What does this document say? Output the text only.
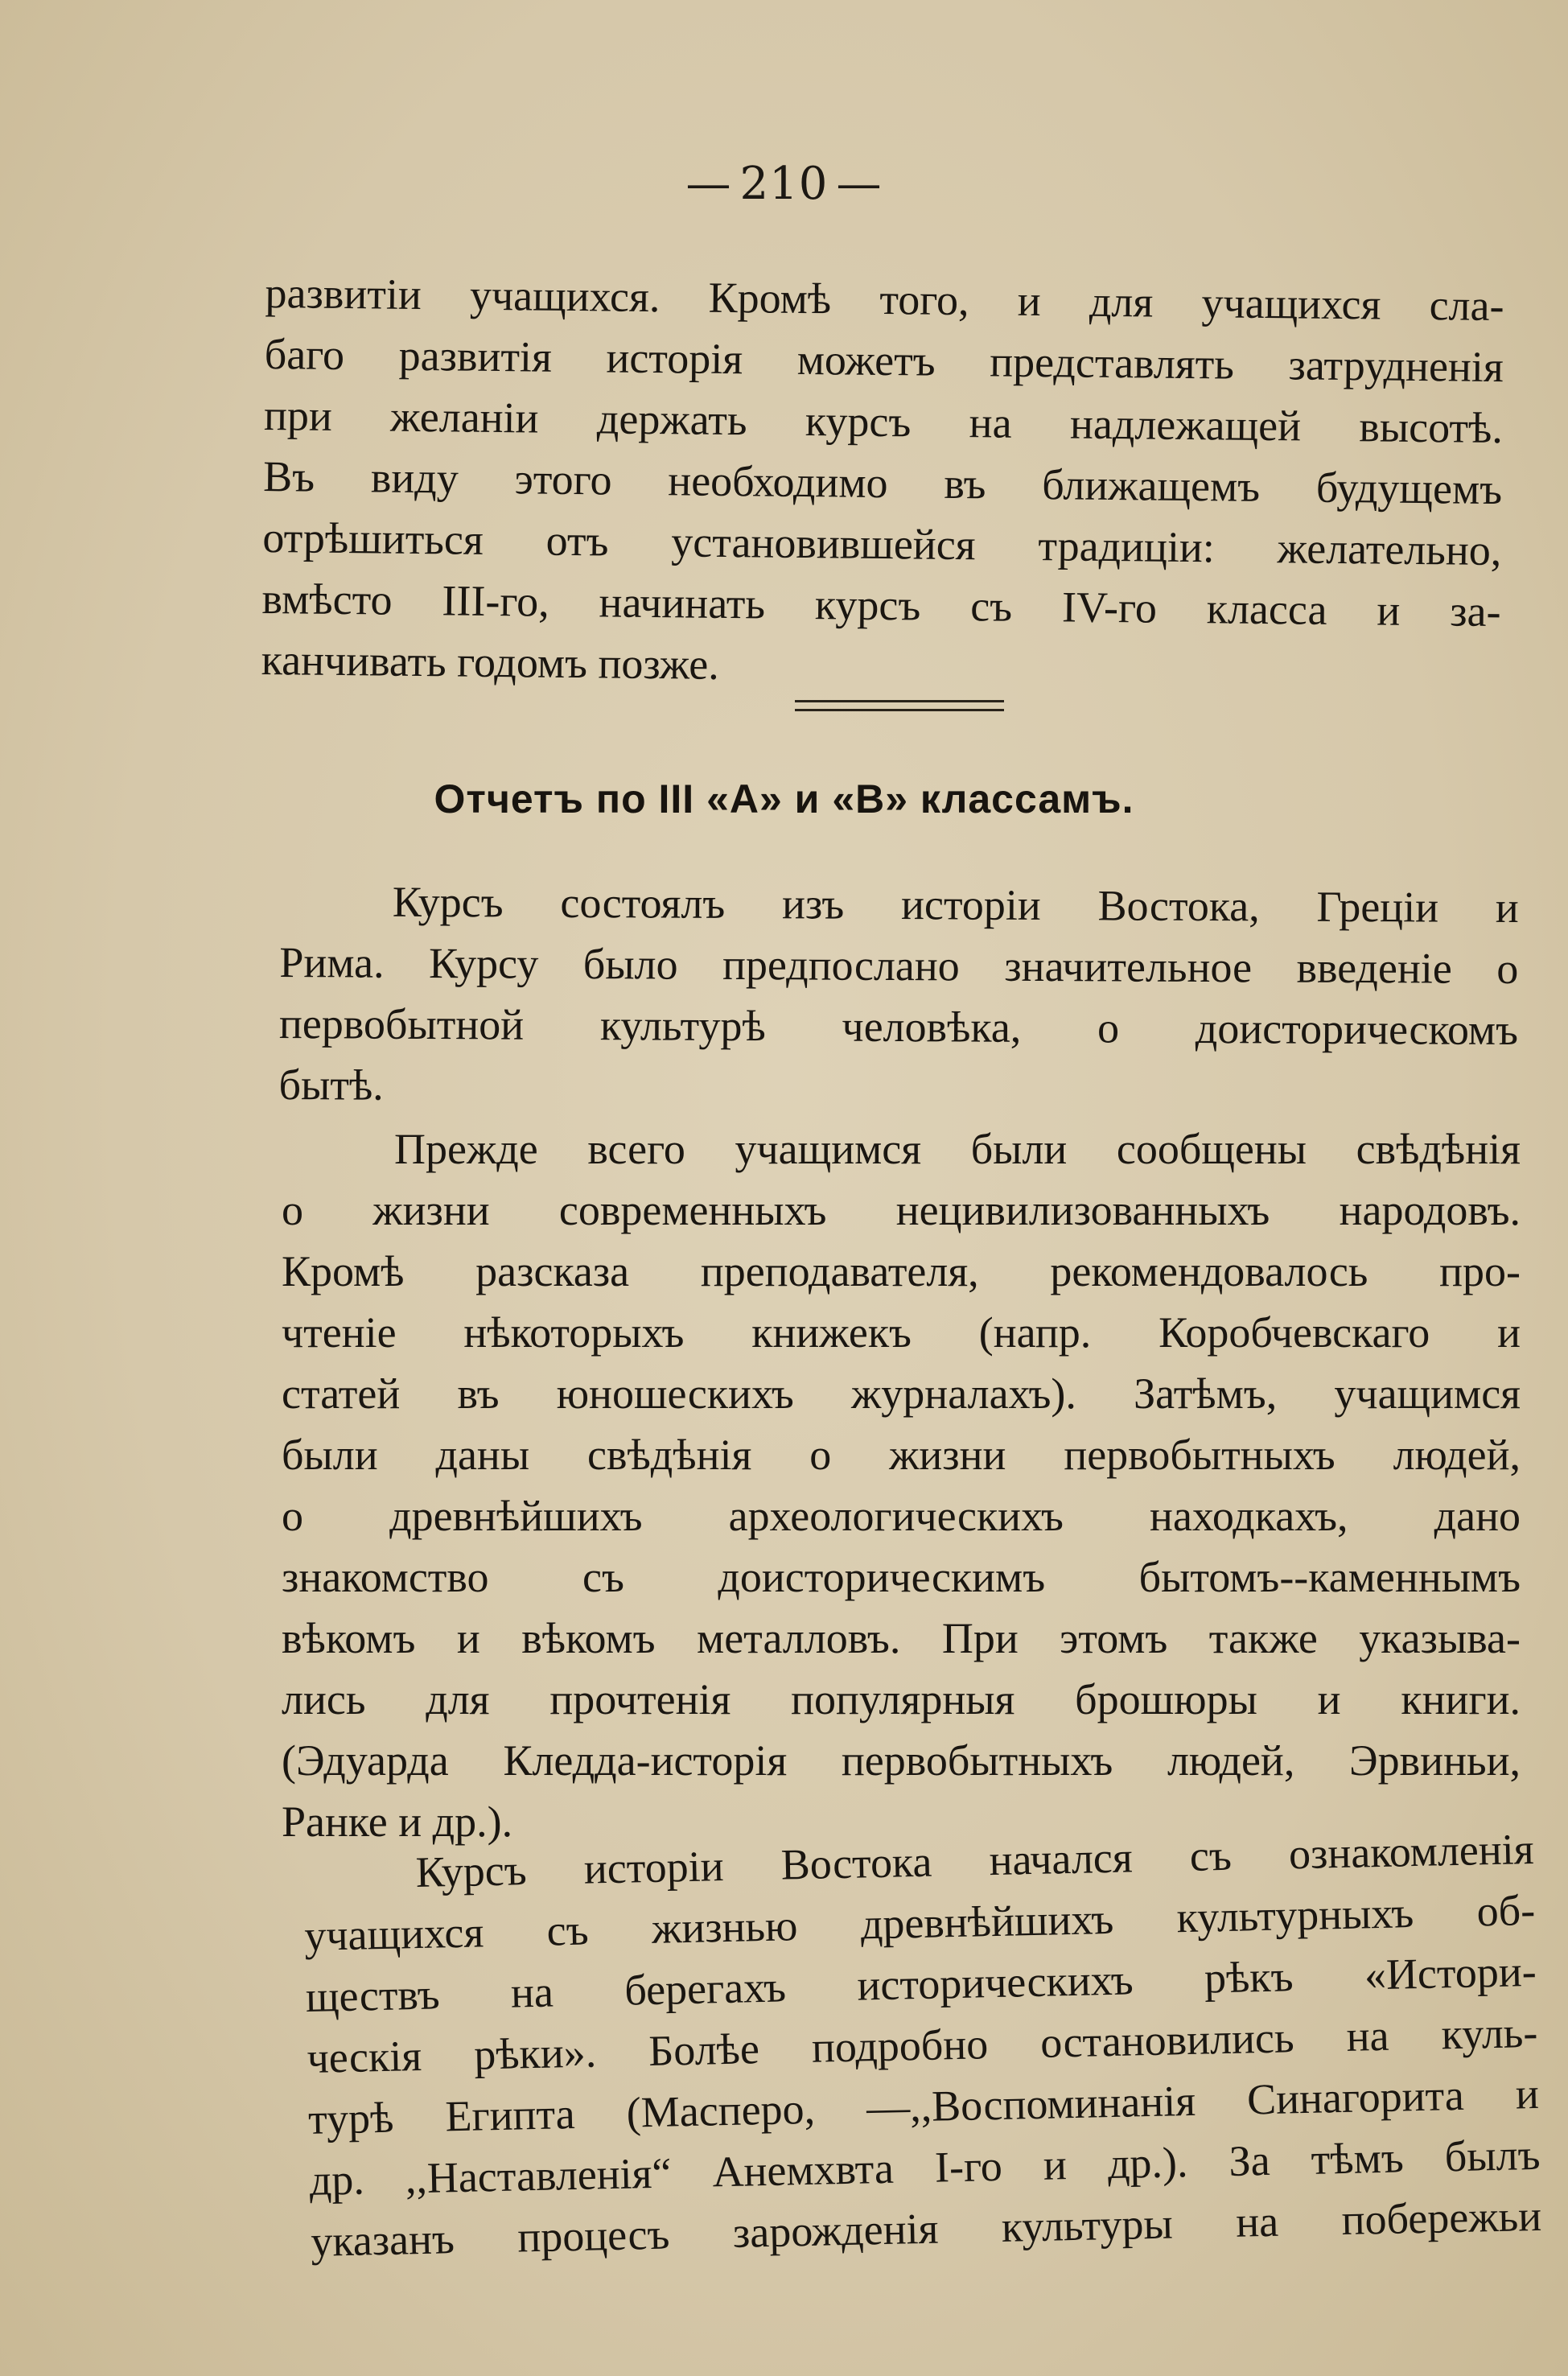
— 210 —
развитіи учащихся. Кромѣ того, и для учащихся сла-
баго развитія исторія можетъ представлять затрудненія
при желаніи держать курсъ на надлежащей высотѣ.
Въ виду этого необходимо въ ближащемъ будущемъ
отрѣшиться отъ установившейся традиціи: желательно,
вмѣсто III-го, начинать курсъ съ IV-го класса и за-
канчивать годомъ позже.
Отчетъ по III «А» и «В» классамъ.
Курсъ состоялъ изъ исторіи Востока, Греціи и
Рима. Курсу было предпослано значительное введеніе о
первобытной культурѣ человѣка, о доисторическомъ
бытѣ.
Прежде всего учащимся были сообщены свѣдѣнія
о жизни современныхъ нецивилизованныхъ народовъ.
Кромѣ разсказа преподавателя, рекомендовалось про-
чтеніе нѣкоторыхъ книжекъ (напр. Коробчевскаго и
статей въ юношескихъ журналахъ). Затѣмъ, учащимся
были даны свѣдѣнія о жизни первобытныхъ людей,
о древнѣйшихъ археологическихъ находкахъ, дано
знакомство съ доисторическимъ бытомъ--каменнымъ
вѣкомъ и вѣкомъ металловъ. При этомъ также указыва-
лись для прочтенія популярныя брошюры и книги.
(Эдуарда Кледда-исторія первобытныхъ людей, Эрвиньи,
Ранке и др.).
Курсъ исторіи Востока начался съ ознакомленія
учащихся съ жизнью древнѣйшихъ культурныхъ об-
ществъ на берегахъ историческихъ рѣкъ «Истори-
ческія рѣки». Болѣе подробно остановились на куль-
турѣ Египта (Масперо, —,,Воспоминанія Синагорита и
др. ,,Наставленія“ Анемхвта I-го и др.). За тѣмъ былъ
указанъ процесъ зарожденія культуры на побережьи
